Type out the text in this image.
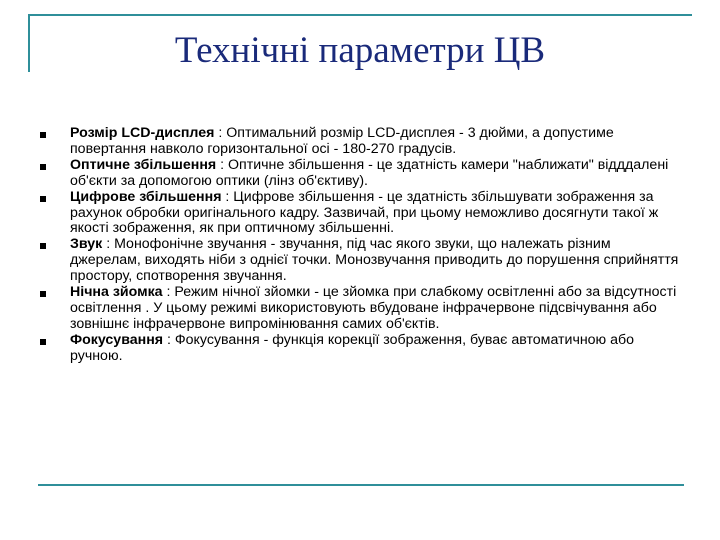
Технічні параметри ЦВ
Розмір LCD-дисплея : Оптимальний розмір LCD-дисплея - 3 дюйми, а допустиме повертання навколо горизонтальної осі - 180-270 градусів.
Оптичне збільшення : Оптичне збільшення - це здатність камери "наближати" відддалені об'єкти за допомогою оптики (лінз об'єктиву).
Цифрове збільшення : Цифрове збільшення - це здатність збільшувати зображення за рахунок обробки оригінального кадру. Зазвичай, при цьому неможливо досягнути такої ж якості зображення, як при оптичному збільшенні.
Звук : Монофонічне звучання - звучання, під час якого звуки, що належать різним джерелам, виходять ніби з однієї точки. Монозвучання приводить до порушення сприйняття простору, спотворення звучання.
Нічна зйомка : Режим нічної зйомки - це зйомка при слабкому освітленні або за відсутності освітлення . У цьому режимі використовують вбудоване інфрачервоне підсвічування або зовнішнє інфрачервоне випромінювання самих об'єктів.
Фокусування : Фокусування - функція корекції зображення, буває автоматичною або ручною.
